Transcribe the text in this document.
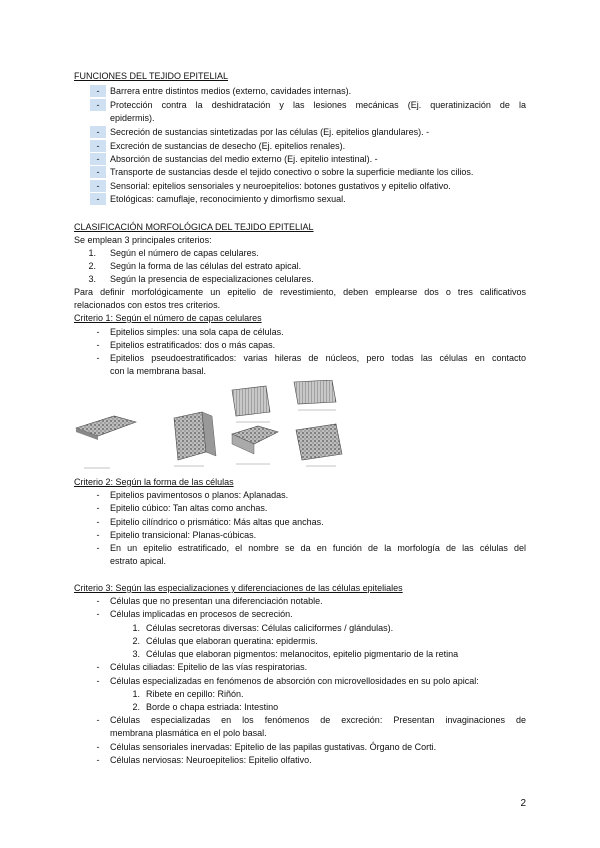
FUNCIONES DEL TEJIDO EPITELIAL
-	Barrera entre distintos medios (externo, cavidades internas).
-	Protección contra la deshidratación y las lesiones mecánicas (Ej. queratinización de la
epidermis).
-	Secreción de sustancias sintetizadas por las células (Ej. epitelios glandulares). -
-	Excreción de sustancias de desecho (Ej. epitelios renales).
-	Absorción de sustancias del medio externo (Ej. epitelio intestinal). -
-	Transporte de sustancias desde el tejido conectivo o sobre la superficie mediante los cilios.
-	Sensorial: epitelios sensoriales y neuroepitelios: botones gustativos y epitelio olfativo.
-	Etológicas: camuflaje, reconocimiento y dimorfismo sexual.
CLASIFICACIÓN MORFOLÓGICA DEL TEJIDO EPITELIAL
Se emplean 3 principales criterios:
1. Según el número de capas celulares.
2. Según la forma de las células del estrato apical.
3. Según la presencia de especializaciones celulares.
Para definir morfológicamente un epitelio de revestimiento, deben emplearse dos o tres calificativos
relacionados con estos tres criterios.
Criterio 1: Según el número de capas celulares
-	Epitelios simples: una sola capa de células.
-	Epitelios estratificados: dos o más capas.
-	Epitelios pseudoestratificados: varias hileras de núcleos, pero todas las células en contacto
con la membrana basal.
Criterio 2: Según la forma de las células
-	Epitelios pavimentosos o planos: Aplanadas.
-	Epitelio cúbico: Tan altas como anchas.
-	Epitelio cilíndrico o prismático: Más altas que anchas.
-	Epitelio transicional: Planas-cúbicas.
-	En un epitelio estratificado, el nombre se da en función de la morfología de las células del
estrato apical.
Criterio 3: Según las especializaciones y diferenciaciones de las células epiteliales
-	Células que no presentan una diferenciación notable.
-	Células implicadas en procesos de secreción.
1. Células secretoras diversas: Células caliciformes / glándulas).
2. Células que elaboran queratina: epidermis.
3. Células que elaboran pigmentos: melanocitos, epitelio pigmentario de la retina
-	Células ciliadas: Epitelio de las vías respiratorias.
-	Células especializadas en fenómenos de absorción con microvellosidades en su polo apical:
1. Ribete en cepillo: Riñón.
2. Borde o chapa estriada: Intestino
-	Células especializadas en los fenómenos de excreción: Presentan invaginaciones de
membrana plasmática en el polo basal.
-	Células sensoriales inervadas: Epitelio de las papilas gustativas. Órgano de Corti.
-	Células nerviosas: Neuroepitelios: Epitelio olfativo.
2
